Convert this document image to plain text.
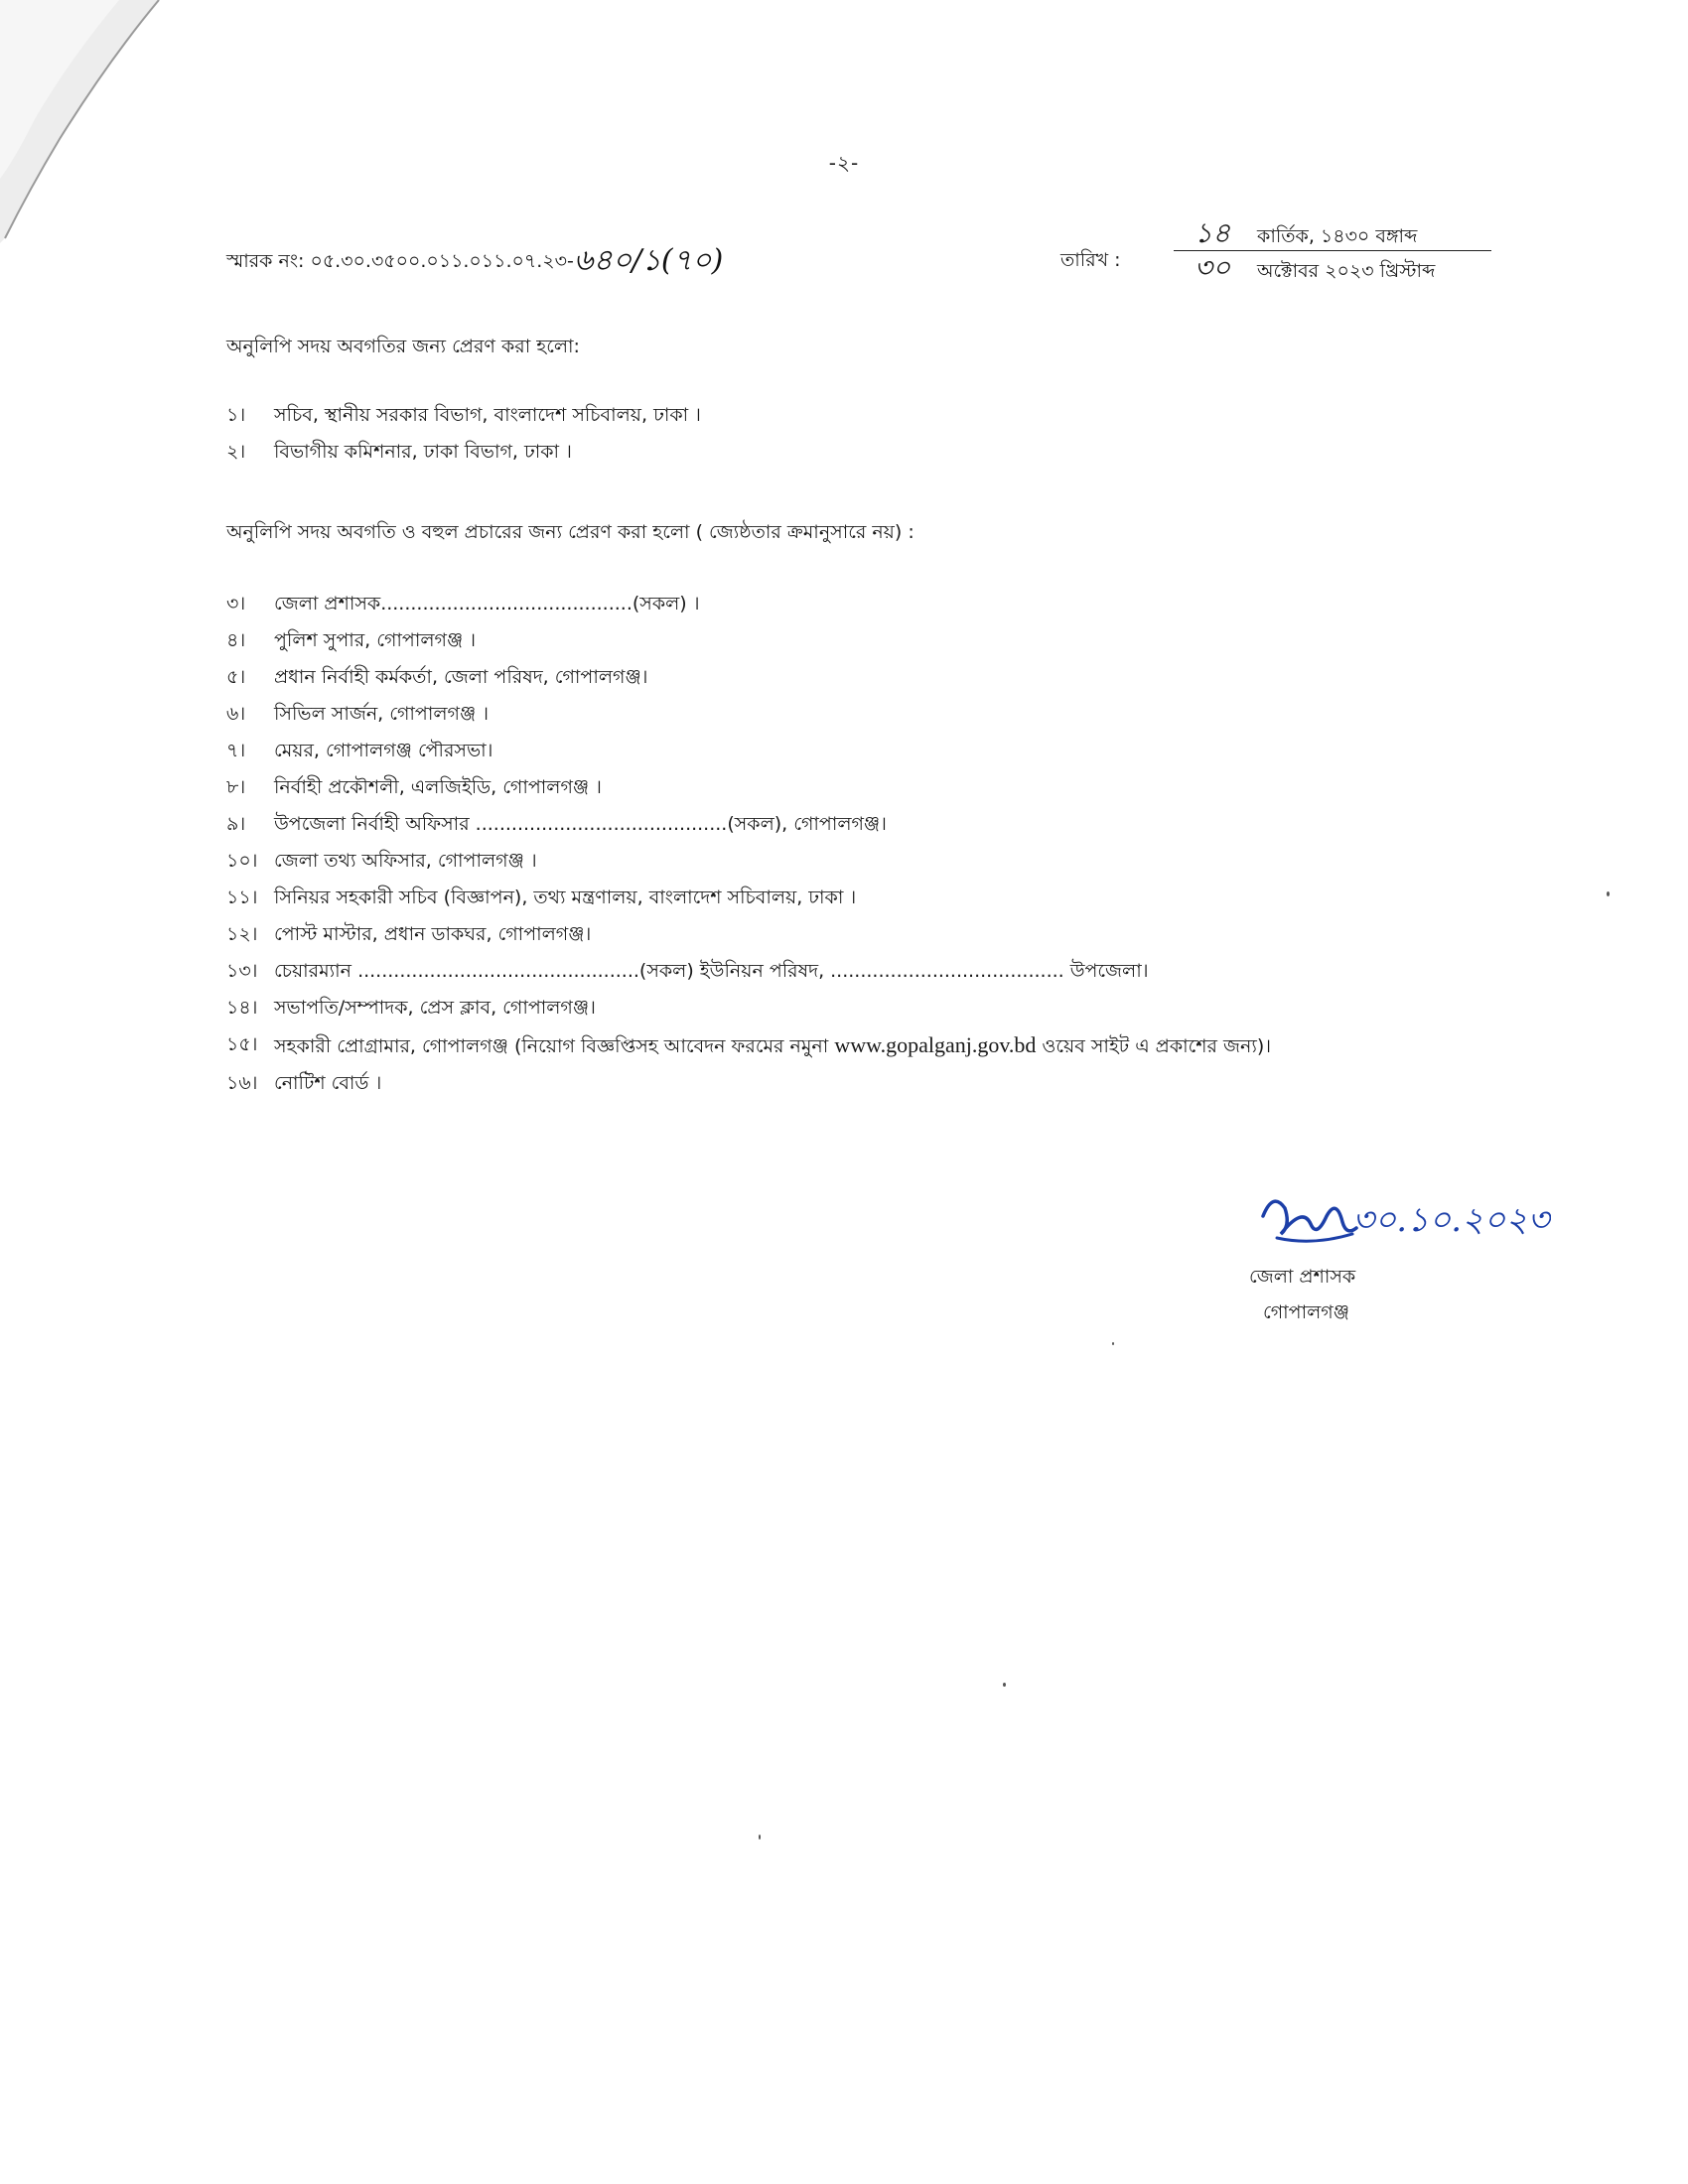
-২-
স্মারক নং: ০৫.৩০.৩৫০০.০১১.০১১.০৭.২৩-৬৪০/১(৭০)	তারিখ :
১৪ কার্তিক, ১৪৩০ বঙ্গাব্দ
৩০ অক্টোবর ২০২৩ খ্রিস্টাব্দ
অনুলিপি সদয় অবগতির জন্য প্রেরণ করা হলো:
১।	সচিব, স্থানীয় সরকার বিভাগ, বাংলাদেশ সচিবালয়, ঢাকা ।
২।	বিভাগীয় কমিশনার, ঢাকা বিভাগ, ঢাকা ।
অনুলিপি সদয় অবগতি ও বহুল প্রচারের জন্য প্রেরণ করা হলো ( জ্যেষ্ঠতার ক্রমানুসারে নয়) :
৩।	জেলা প্রশাসক..........................................(সকল) ।
৪।	পুলিশ সুপার, গোপালগঞ্জ ।
৫।	প্রধান নির্বাহী কর্মকর্তা, জেলা পরিষদ, গোপালগঞ্জ।
৬।	সিভিল সার্জন, গোপালগঞ্জ ।
৭।	মেয়র, গোপালগঞ্জ পৌরসভা।
৮।	নির্বাহী প্রকৌশলী, এলজিইডি, গোপালগঞ্জ ।
৯।	উপজেলা নির্বাহী অফিসার ..........................................(সকল), গোপালগঞ্জ।
১০। জেলা তথ্য অফিসার, গোপালগঞ্জ ।
১১। সিনিয়র সহকারী সচিব (বিজ্ঞাপন), তথ্য মন্ত্রণালয়, বাংলাদেশ সচিবালয়, ঢাকা ।
১২। পোস্ট মাস্টার, প্রধান ডাকঘর, গোপালগঞ্জ।
১৩। চেয়ারম্যান ...............................................(সকল) ইউনিয়ন পরিষদ, ....................................... উপজেলা।
১৪। সভাপতি/সম্পাদক, প্রেস ক্লাব, গোপালগঞ্জ।
১৫। সহকারী প্রোগ্রামার, গোপালগঞ্জ (নিয়োগ বিজ্ঞপ্তিসহ আবেদন ফরমের নমুনা www.gopalganj.gov.bd ওয়েব সাইট এ প্রকাশের জন্য)।
১৬। নোটিশ বোর্ড ।
৩০.১০.২০২৩
জেলা প্রশাসক
গোপালগঞ্জ
